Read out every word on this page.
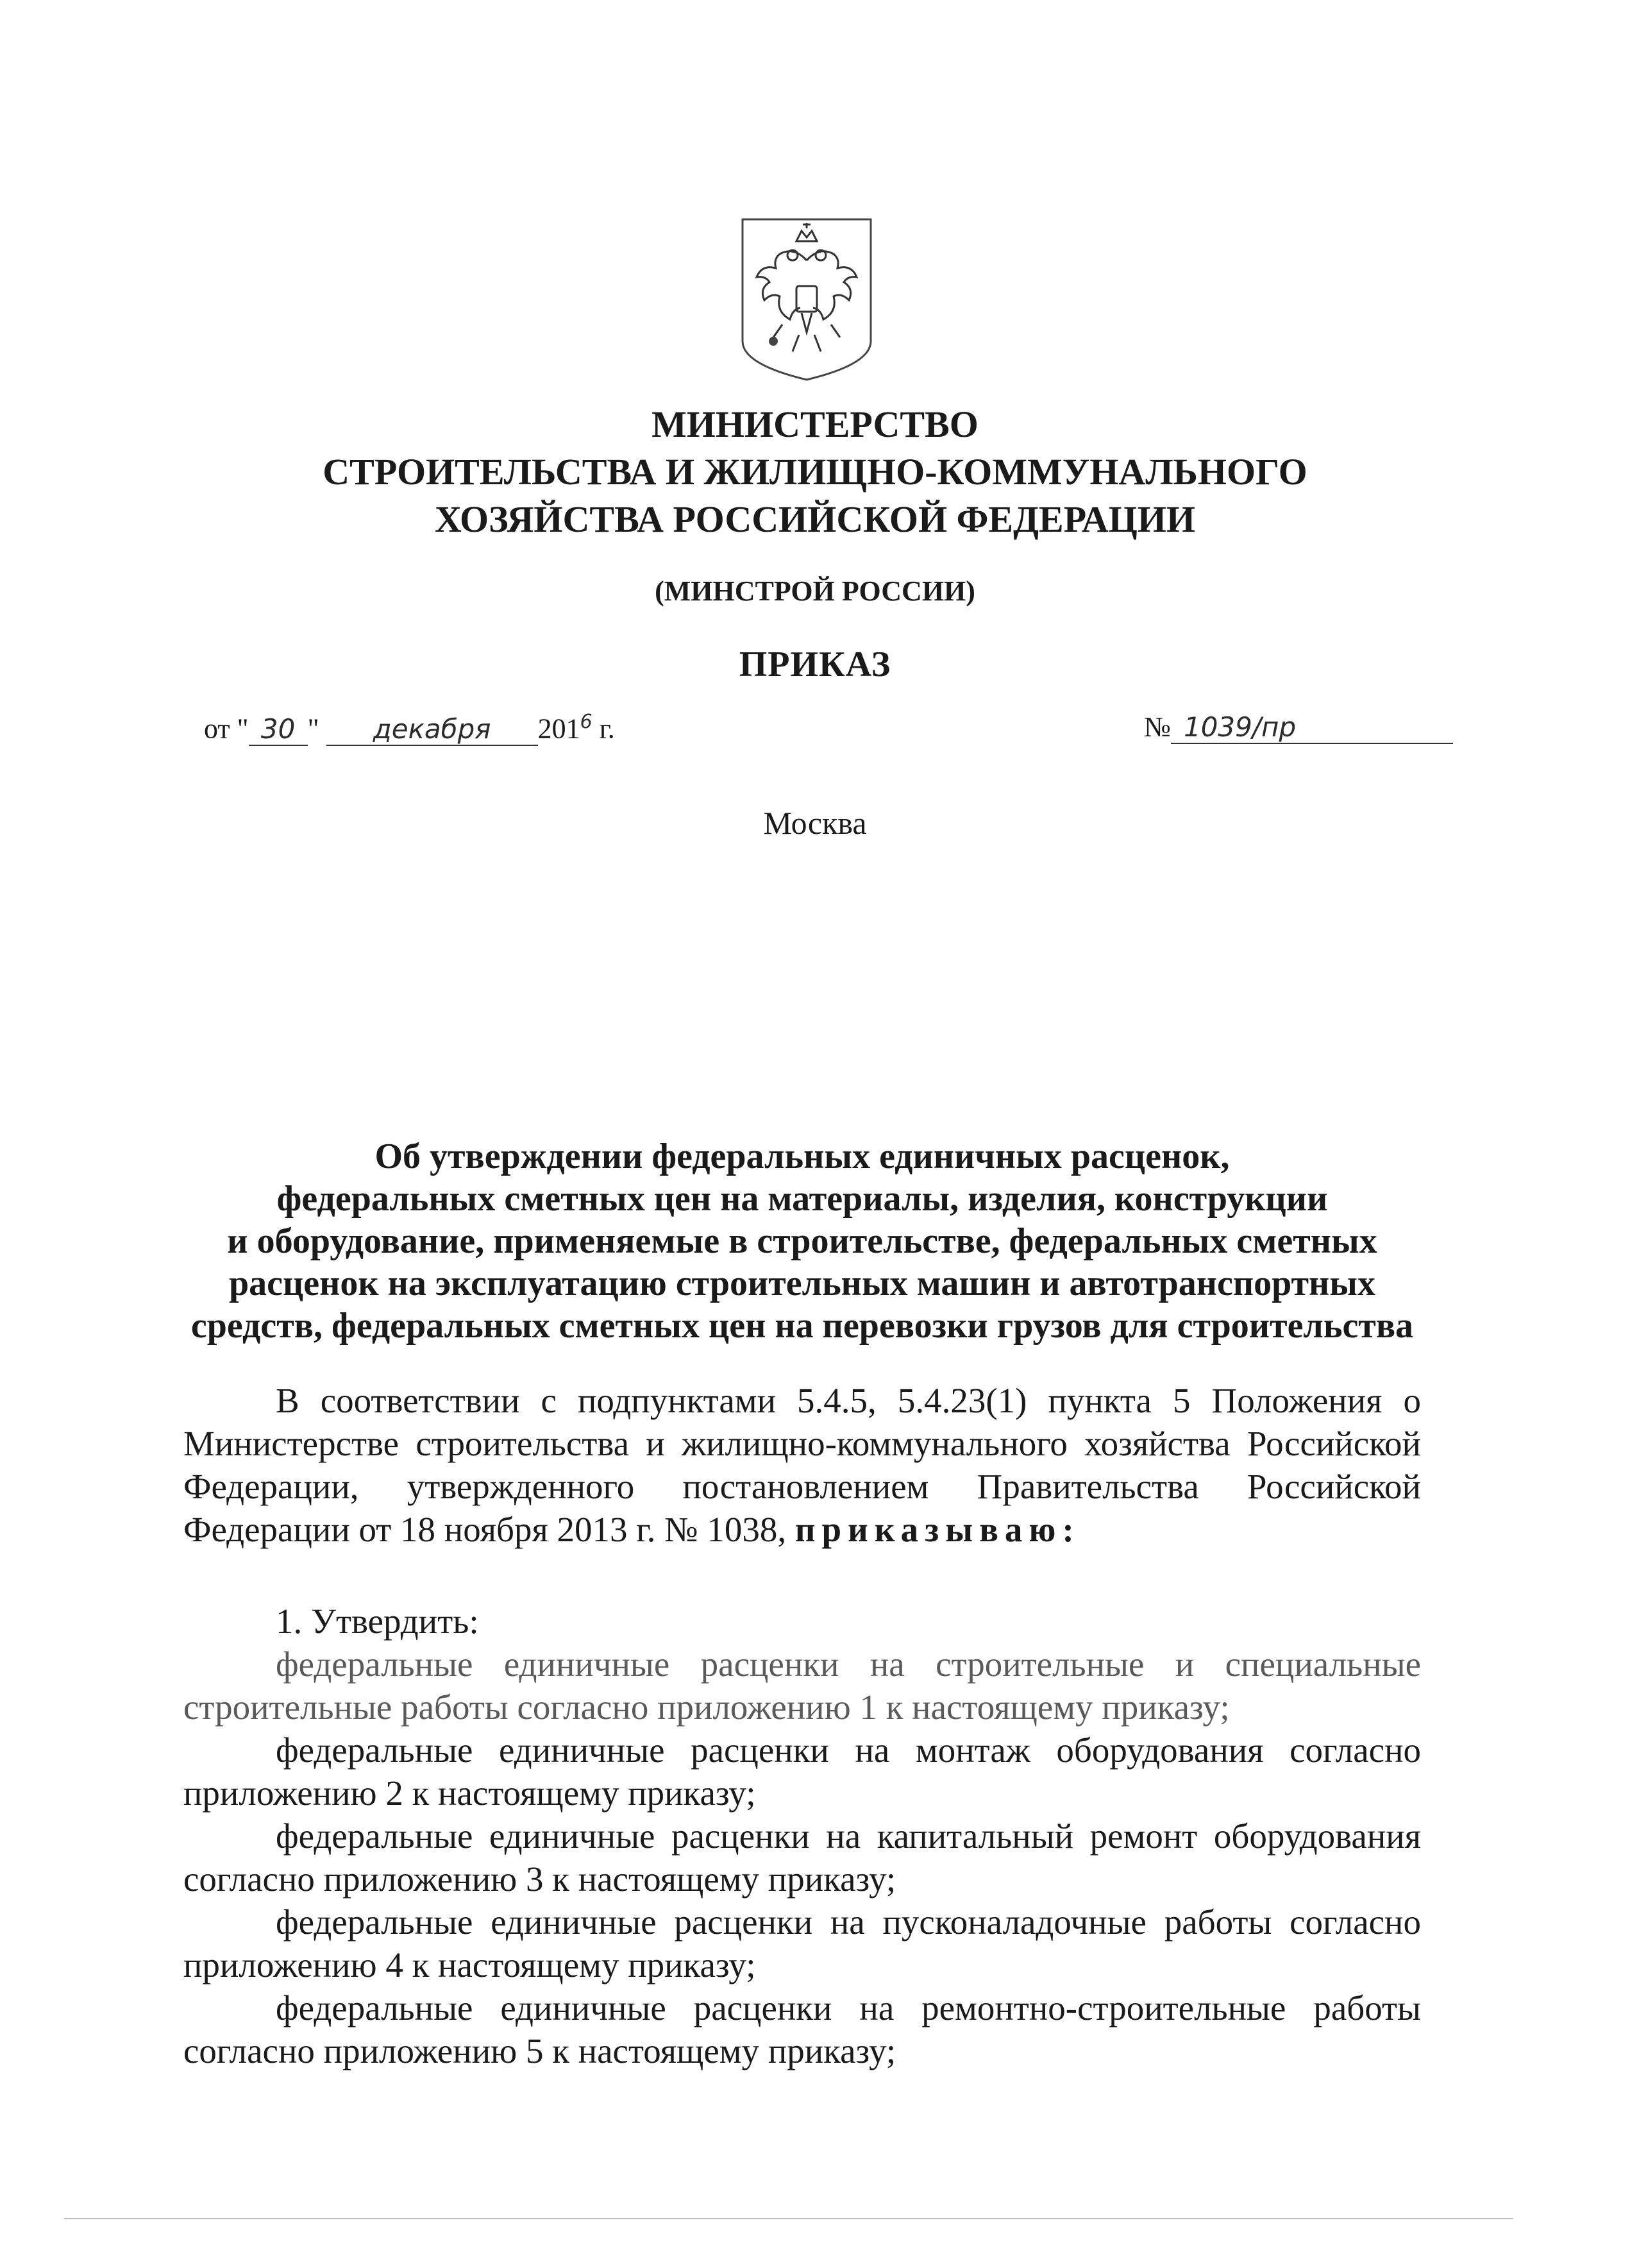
МИНИСТЕРСТВО
СТРОИТЕЛЬСТВА И ЖИЛИЩНО-КОММУНАЛЬНОГО
ХОЗЯЙСТВА РОССИЙСКОЙ ФЕДЕРАЦИИ
(МИНСТРОЙ РОССИИ)
ПРИКАЗ
от " 30 " декабря $201^6$ г.	№ 1039/пр
Москва
Об утверждении федеральных единичных расценок,
федеральных сметных цен на материалы, изделия, конструкции
и оборудование, применяемые в строительстве, федеральных сметных
расценок на эксплуатацию строительных машин и автотранспортных
средств, федеральных сметных цен на перевозки грузов для строительства

В соответствии с подпунктами 5.4.5, 5.4.23(1) пункта 5 Положения о Министерстве строительства и жилищно-коммунального хозяйства Российской Федерации, утвержденного постановлением Правительства Российской Федерации от 18 ноября 2013 г. № 1038, приказываю:

1. Утвердить:

федеральные единичные расценки на строительные и специальные строительные работы согласно приложению 1 к настоящему приказу;

федеральные единичные расценки на монтаж оборудования согласно приложению 2 к настоящему приказу;

федеральные единичные расценки на капитальный ремонт оборудования согласно приложению 3 к настоящему приказу;

федеральные единичные расценки на пусконаладочные работы согласно приложению 4 к настоящему приказу;

федеральные единичные расценки на ремонтно-строительные работы согласно приложению 5 к настоящему приказу;
